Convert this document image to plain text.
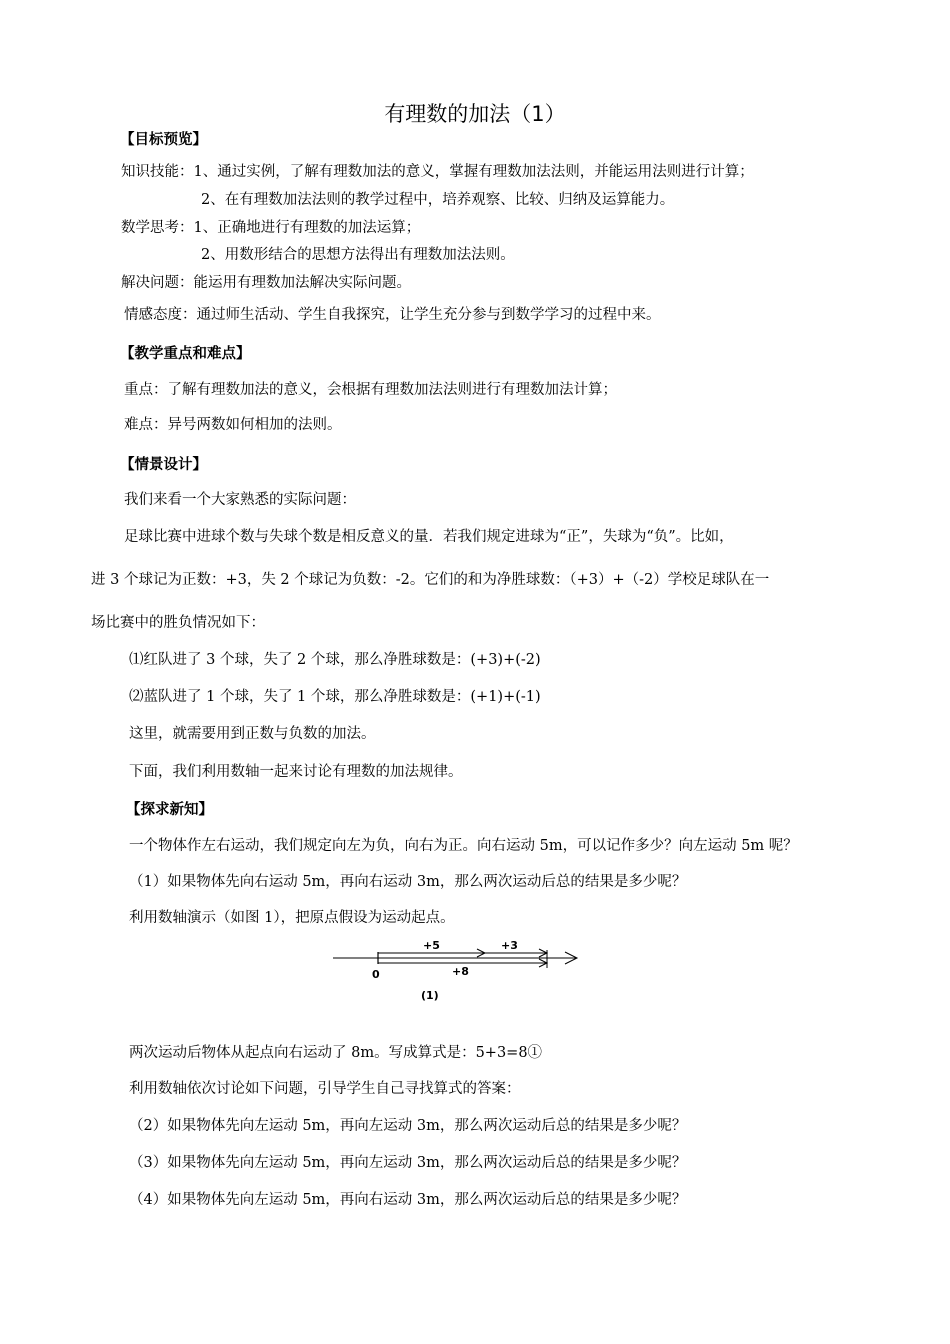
有理数的加法（1）
【目标预览】
知识技能：1、通过实例，了解有理数加法的意义，掌握有理数加法法则，并能运用法则进行计算；
2、在有理数加法法则的教学过程中，培养观察、比较、归纳及运算能力。
数学思考：1、正确地进行有理数的加法运算；
2、用数形结合的思想方法得出有理数加法法则。
解决问题：能运用有理数加法解决实际问题。
情感态度：通过师生活动、学生自我探究，让学生充分参与到数学学习的过程中来。
【教学重点和难点】
重点：了解有理数加法的意义，会根据有理数加法法则进行有理数加法计算；
难点：异号两数如何相加的法则。
【情景设计】
我们来看一个大家熟悉的实际问题：
足球比赛中进球个数与失球个数是相反意义的量．若我们规定进球为“正”，失球为“负”。比如，
进 3 个球记为正数：+3，失 2 个球记为负数：-2。它们的和为净胜球数：（+3）+（-2）学校足球队在一
场比赛中的胜负情况如下：
⑴红队进了 3 个球，失了 2 个球，那么净胜球数是：(+3)+(-2)
⑵蓝队进了 1 个球，失了 1 个球，那么净胜球数是：(+1)+(-1)
这里，就需要用到正数与负数的加法。
下面，我们利用数轴一起来讨论有理数的加法规律。
【探求新知】
一个物体作左右运动，我们规定向左为负，向右为正。向右运动 5m，可以记作多少？向左运动 5m 呢？
（1）如果物体先向右运动 5m，再向右运动 3m，那么两次运动后总的结果是多少呢？
利用数轴演示（如图 1），把原点假设为运动起点。
+5	+3
+8
0
(1)
两次运动后物体从起点向右运动了 8m。写成算式是：5+3=8①
利用数轴依次讨论如下问题，引导学生自己寻找算式的答案：
（2）如果物体先向左运动 5m，再向左运动 3m，那么两次运动后总的结果是多少呢？
（3）如果物体先向左运动 5m，再向左运动 3m，那么两次运动后总的结果是多少呢？
（4）如果物体先向左运动 5m，再向右运动 3m，那么两次运动后总的结果是多少呢？
